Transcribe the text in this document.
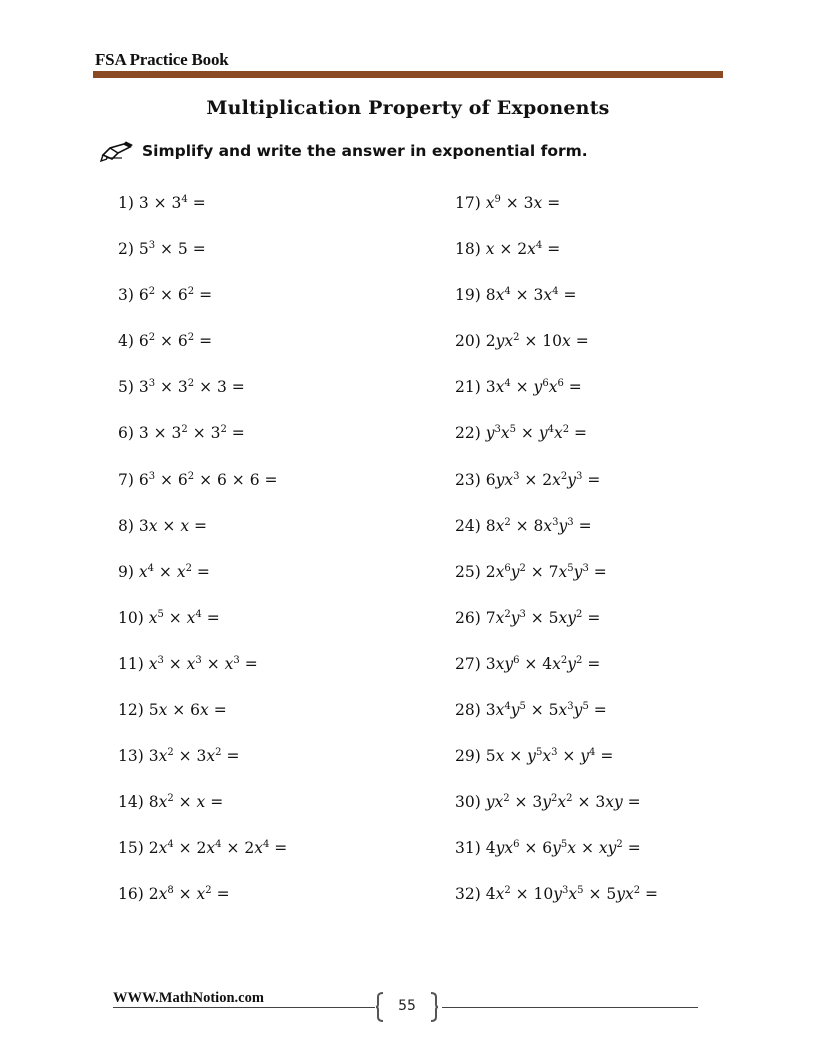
FSA Practice Book
Multiplication Property of Exponents
Simplify and write the answer in exponential form.
1) $3 \times 3^4$ =
2) $5^3 \times 5$ =
3) $6^2 \times 6^2$ =
4) $6^2 \times 6^2$ =
5) $3^3 \times 3^2 \times 3$ =
6) $3 \times 3^2 \times 3^2$ =
7) $6^3 \times 6^2 \times 6 \times 6$ =
8) 3x × x =
9) $x^4 \times x^2$ =
10) $x^5 \times x^4$ =
11) $x^3 \times x^3 \times x^3$ =
12) 5x × 6x =
13) $3x^2 \times 3x^2$ =
14) $8x^2 \times x$ =
15) $2x^4 \times 2x^4 \times 2x^4$ =
16) $2x^8 \times x^2$ =
17) $x^9 \times 3x$ =
18) $x \times 2x^4$ =
19) $8x^4 \times 3x^4$ =
20) $2yx^2 \times 10x$ =
21) $3x^4 \times y^6x^6$ =
22) $y^3x^5 \times y^4x^2$ =
23) $6yx^3 \times 2x^2y^3$ =
24) $8x^2 \times 8x^3y^3$ =
25) $2x^6y^2 \times 7x^5y^3$ =
26) $7x^2y^3 \times 5xy^2$ =
27) $3xy^6 \times 4x^2y^2$ =
28) $3x^4y^5 \times 5x^3y^5$ =
29) $5x \times y^5x^3 \times y^4$ =
30) $yx^2 \times 3y^2x^2 \times 3xy$ =
31) $4yx^6 \times 6y^5x \times xy^2$ =
32) $4x^2 \times 10y^3x^5 \times 5yx^2$ =
WWW.MathNotion.com	55
